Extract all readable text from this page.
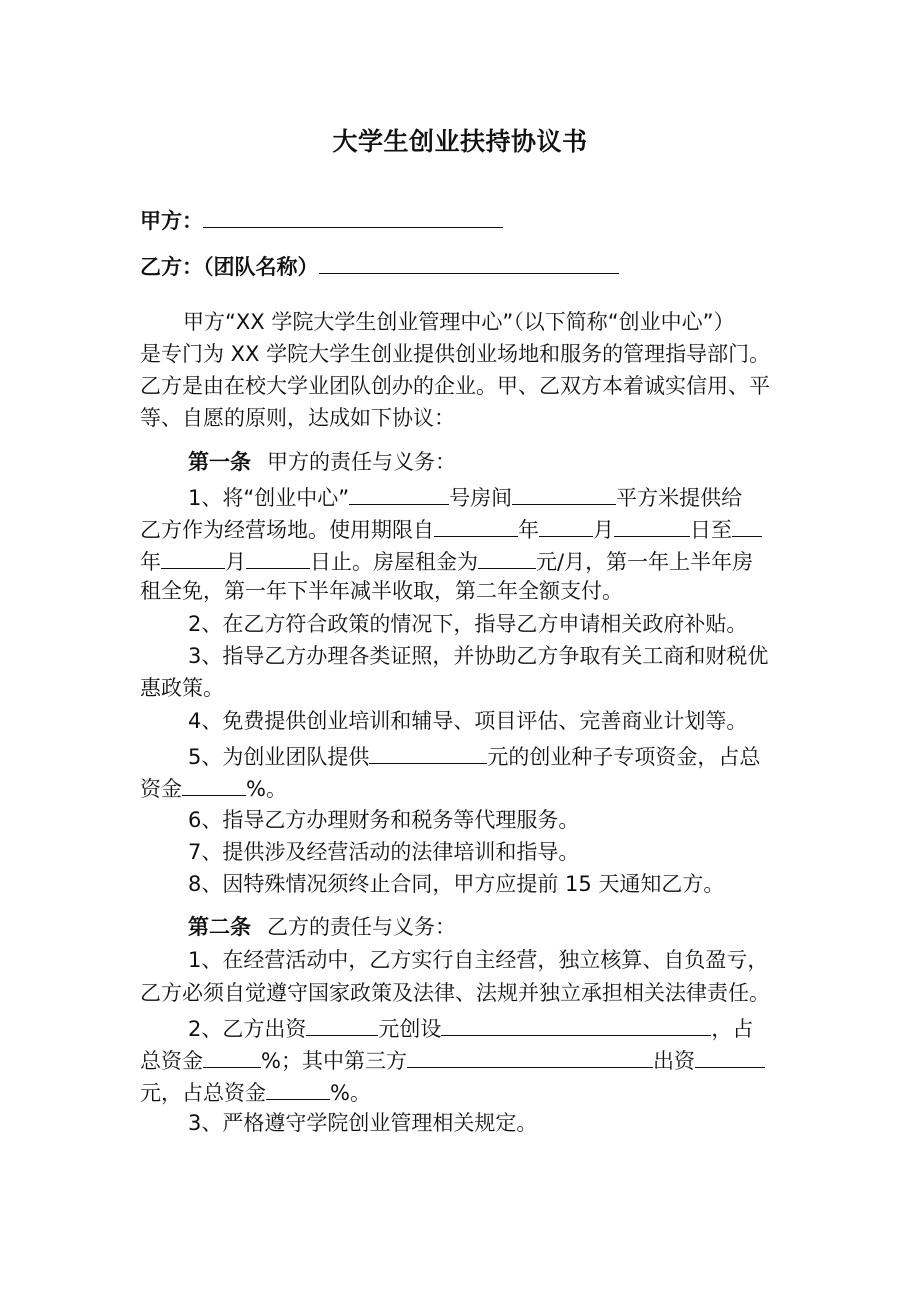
大学生创业扶持协议书
甲方：
乙方：（团队名称）
甲方“XX 学院大学生创业管理中心”（以下简称“创业中心”）
是专门为 XX 学院大学生创业提供创业场地和服务的管理指导部门。
乙方是由在校大学业团队创办的企业。甲、乙双方本着诚实信用、平
等、自愿的原则，达成如下协议：
第一条 甲方的责任与义务：
1、将“创业中心”	号房间	平方米提供给
乙方作为经营场地。使用期限自	年	月	日至
年	月	日止。房屋租金为	元/月，第一年上半年房
租全免，第一年下半年减半收取，第二年全额支付。
2、在乙方符合政策的情况下，指导乙方申请相关政府补贴。
3、指导乙方办理各类证照，并协助乙方争取有关工商和财税优
惠政策。
4、免费提供创业培训和辅导、项目评估、完善商业计划等。
5、为创业团队提供	元的创业种子专项资金，占总
资金	%。
6、指导乙方办理财务和税务等代理服务。
7、提供涉及经营活动的法律培训和指导。
8、因特殊情况须终止合同，甲方应提前 15 天通知乙方。
第二条 乙方的责任与义务：
1、在经营活动中，乙方实行自主经营，独立核算、自负盈亏，
乙方必须自觉遵守国家政策及法律、法规并独立承担相关法律责任。
2、乙方出资	元创设	，占
总资金	%；其中第三方	出资
元，占总资金	%。
3、严格遵守学院创业管理相关规定。
